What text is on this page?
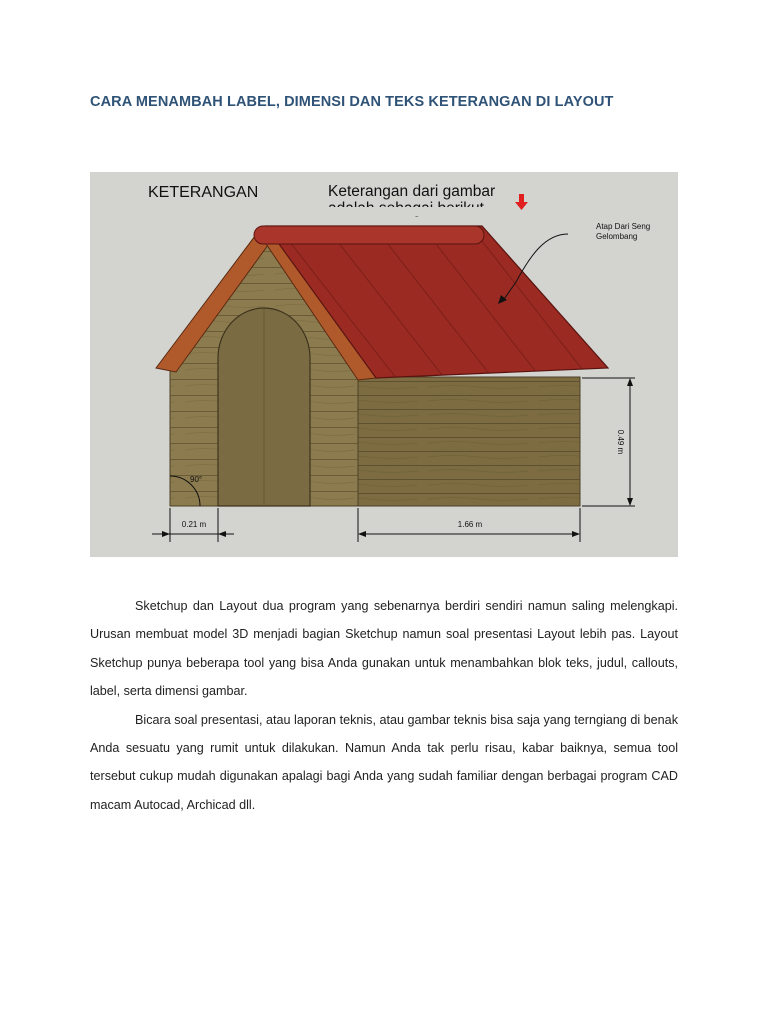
CARA MENAMBAH LABEL, DIMENSI DAN TEKS KETERANGAN DI LAYOUT
KETERANGAN	Keterangan dari gambar
Atap Dari Seng
Gelombang
90°
0.49 m
0.21 m	1.66 m

Sketchup dan Layout dua program yang sebenarnya berdiri sendiri namun saling melengkapi. Urusan membuat model 3D menjadi bagian Sketchup namun soal presentasi Layout lebih pas. Layout Sketchup punya beberapa tool yang bisa Anda gunakan untuk menambahkan blok teks, judul, callouts, label, serta dimensi gambar.

Bicara soal presentasi, atau laporan teknis, atau gambar teknis bisa saja yang terngiang di benak Anda sesuatu yang rumit untuk dilakukan. Namun Anda tak perlu risau, kabar baiknya, semua tool tersebut cukup mudah digunakan apalagi bagi Anda yang sudah familiar dengan berbagai program CAD macam Autocad, Archicad dll.
